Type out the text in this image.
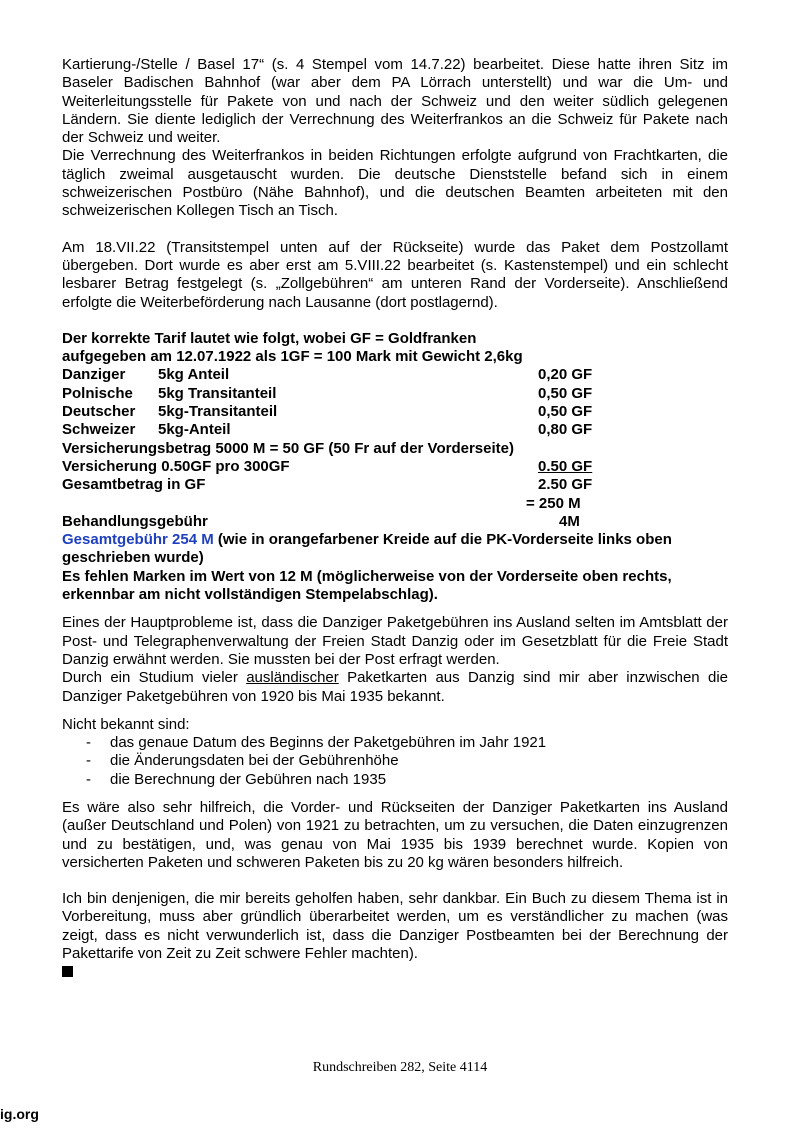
Kartierung-/Stelle / Basel 17“ (s. 4 Stempel vom 14.7.22) bearbeitet. Diese hatte ihren Sitz im Baseler Badischen Bahnhof (war aber dem PA Lörrach unterstellt) und war die Um- und Weiterleitungsstelle für Pakete von und nach der Schweiz und den weiter südlich gelegenen Ländern. Sie diente lediglich der Verrechnung des Weiterfrankos an die Schweiz für Pakete nach der Schweiz und weiter.

Die Verrechnung des Weiterfrankos in beiden Richtungen erfolgte aufgrund von Frachtkarten, die täglich zweimal ausgetauscht wurden. Die deutsche Dienststelle befand sich in einem schweizerischen Postbüro (Nähe Bahnhof), und die deutschen Beamten arbeiteten mit den schweizerischen Kollegen Tisch an Tisch.

Am 18.VII.22 (Transitstempel unten auf der Rückseite) wurde das Paket dem Postzollamt übergeben. Dort wurde es aber erst am 5.VIII.22 bearbeitet (s. Kastenstempel) und ein schlecht lesbarer Betrag festgelegt (s. „Zollgebühren“ am unteren Rand der Vorderseite). Anschließend erfolgte die Weiterbeförderung nach Lausanne (dort postlagernd).

Der korrekte Tarif lautet wie folgt, wobei GF = Goldfranken
aufgegeben am 12.07.1922 als 1GF = 100 Mark mit Gewicht 2,6kg
Danziger 5kg Anteil	0,20 GF
Polnische 5kg Transitanteil	0,50 GF
Deutscher 5kg-Transitanteil	0,50 GF
Schweizer 5kg-Anteil	0,80 GF
Versicherungsbetrag 5000 M = 50 GF (50 Fr auf der Vorderseite)
Versicherung 0.50GF pro 300GF	0.50 GF
Gesamtbetrag in GF	2.50 GF
= 250 M
Behandlungsgebühr	4M
Gesamtgebühr 254 M (wie in orangefarbener Kreide auf die PK-Vorderseite links oben geschrieben wurde)
Es fehlen Marken im Wert von 12 M (möglicherweise von der Vorderseite oben rechts, erkennbar am nicht vollständigen Stempelabschlag).

Eines der Hauptprobleme ist, dass die Danziger Paketgebühren ins Ausland selten im Amtsblatt der Post- und Telegraphenverwaltung der Freien Stadt Danzig oder im Gesetzblatt für die Freie Stadt Danzig erwähnt werden. Sie mussten bei der Post erfragt werden.

Durch ein Studium vieler ausländischer Paketkarten aus Danzig sind mir aber inzwischen die Danziger Paketgebühren von 1920 bis Mai 1935 bekannt.

Nicht bekannt sind:
- das genaue Datum des Beginns der Paketgebühren im Jahr 1921
- die Änderungsdaten bei der Gebührenhöhe
- die Berechnung der Gebühren nach 1935

Es wäre also sehr hilfreich, die Vorder- und Rückseiten der Danziger Paketkarten ins Ausland (außer Deutschland und Polen) von 1921 zu betrachten, um zu versuchen, die Daten einzugrenzen und zu bestätigen, und, was genau von Mai 1935 bis 1939 berechnet wurde. Kopien von versicherten Paketen und schweren Paketen bis zu 20 kg wären besonders hilfreich.

Ich bin denjenigen, die mir bereits geholfen haben, sehr dankbar. Ein Buch zu diesem Thema ist in Vorbereitung, muss aber gründlich überarbeitet werden, um es verständlicher zu machen (was zeigt, dass es nicht verwunderlich ist, dass die Danziger Postbeamten bei der Berechnung der Pakettarife von Zeit zu Zeit schwere Fehler machten).

Rundschreiben 282, Seite 4114
ig.org
